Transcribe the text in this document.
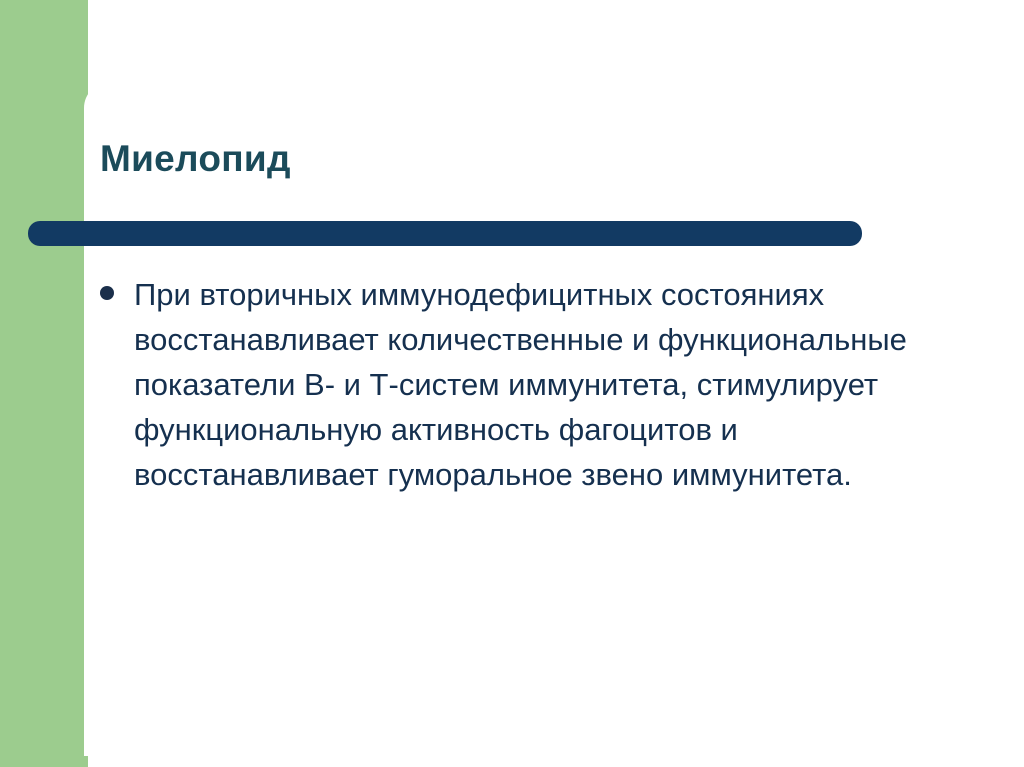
Миелопид
При вторичных иммунодефицитных состояниях восстанавливает количественные и функциональные показатели В- и Т-систем иммунитета, стимулирует функциональную активность фагоцитов и восстанавливает гуморальное звено иммунитета.
